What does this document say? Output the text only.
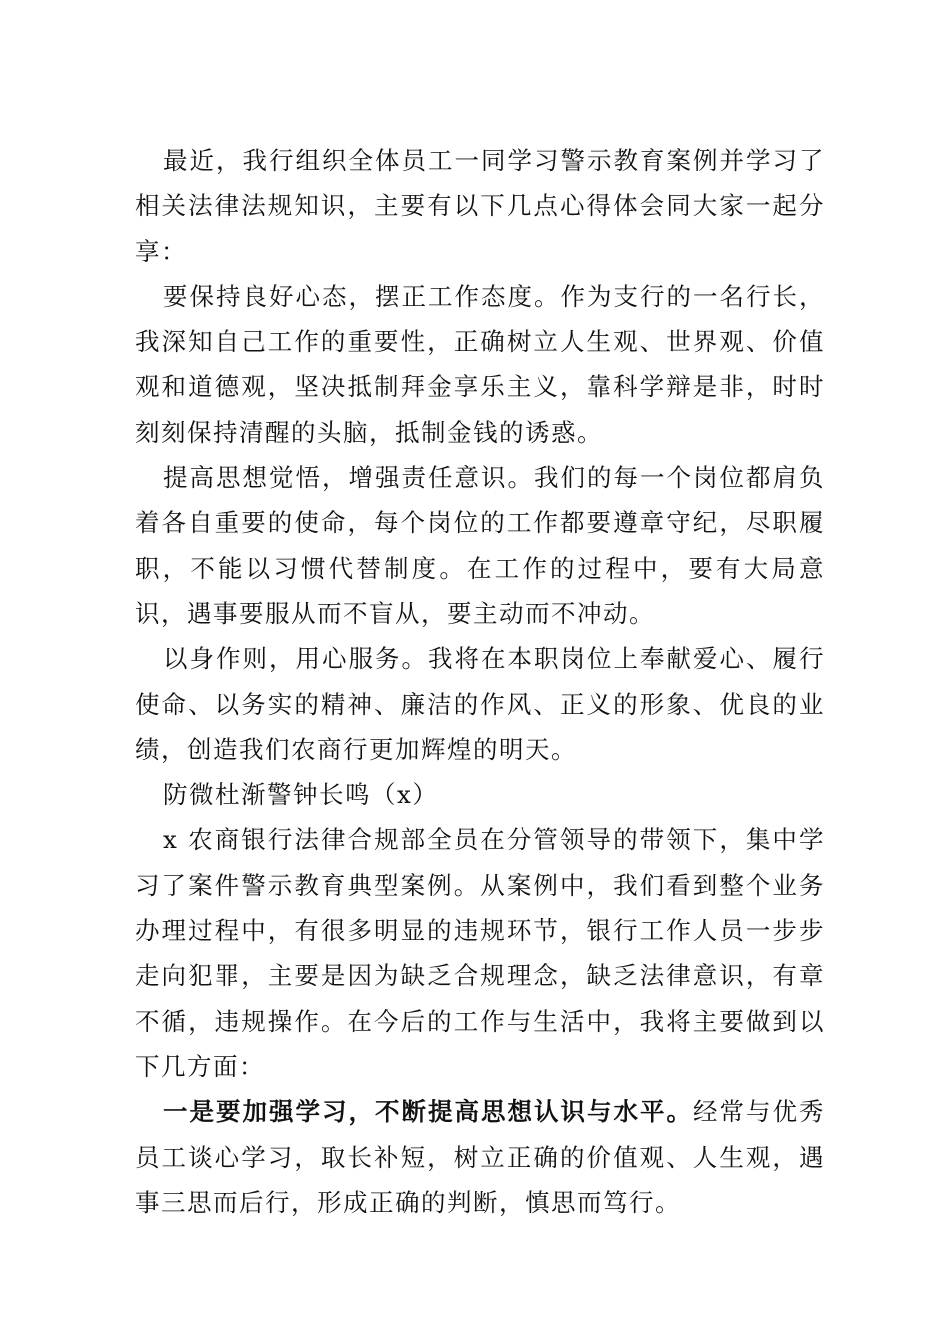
最近，我行组织全体员工一同学习警示教育案例并学习了相关法律法规知识，主要有以下几点心得体会同大家一起分享：

要保持良好心态，摆正工作态度。作为支行的一名行长，我深知自己工作的重要性，正确树立人生观、世界观、价值观和道德观，坚决抵制拜金享乐主义，靠科学辩是非，时时刻刻保持清醒的头脑，抵制金钱的诱惑。

提高思想觉悟，增强责任意识。我们的每一个岗位都肩负着各自重要的使命，每个岗位的工作都要遵章守纪，尽职履职，不能以习惯代替制度。在工作的过程中，要有大局意识，遇事要服从而不盲从，要主动而不冲动。

以身作则，用心服务。我将在本职岗位上奉献爱心、履行使命、以务实的精神、廉洁的作风、正义的形象、优良的业绩，创造我们农商行更加辉煌的明天。

防微杜渐警钟长鸣（x）

x 农商银行法律合规部全员在分管领导的带领下，集中学习了案件警示教育典型案例。从案例中，我们看到整个业务办理过程中，有很多明显的违规环节，银行工作人员一步步走向犯罪，主要是因为缺乏合规理念，缺乏法律意识，有章不循，违规操作。在今后的工作与生活中，我将主要做到以下几方面：

一是要加强学习，不断提高思想认识与水平。经常与优秀员工谈心学习，取长补短，树立正确的价值观、人生观，遇事三思而后行，形成正确的判断，慎思而笃行。
